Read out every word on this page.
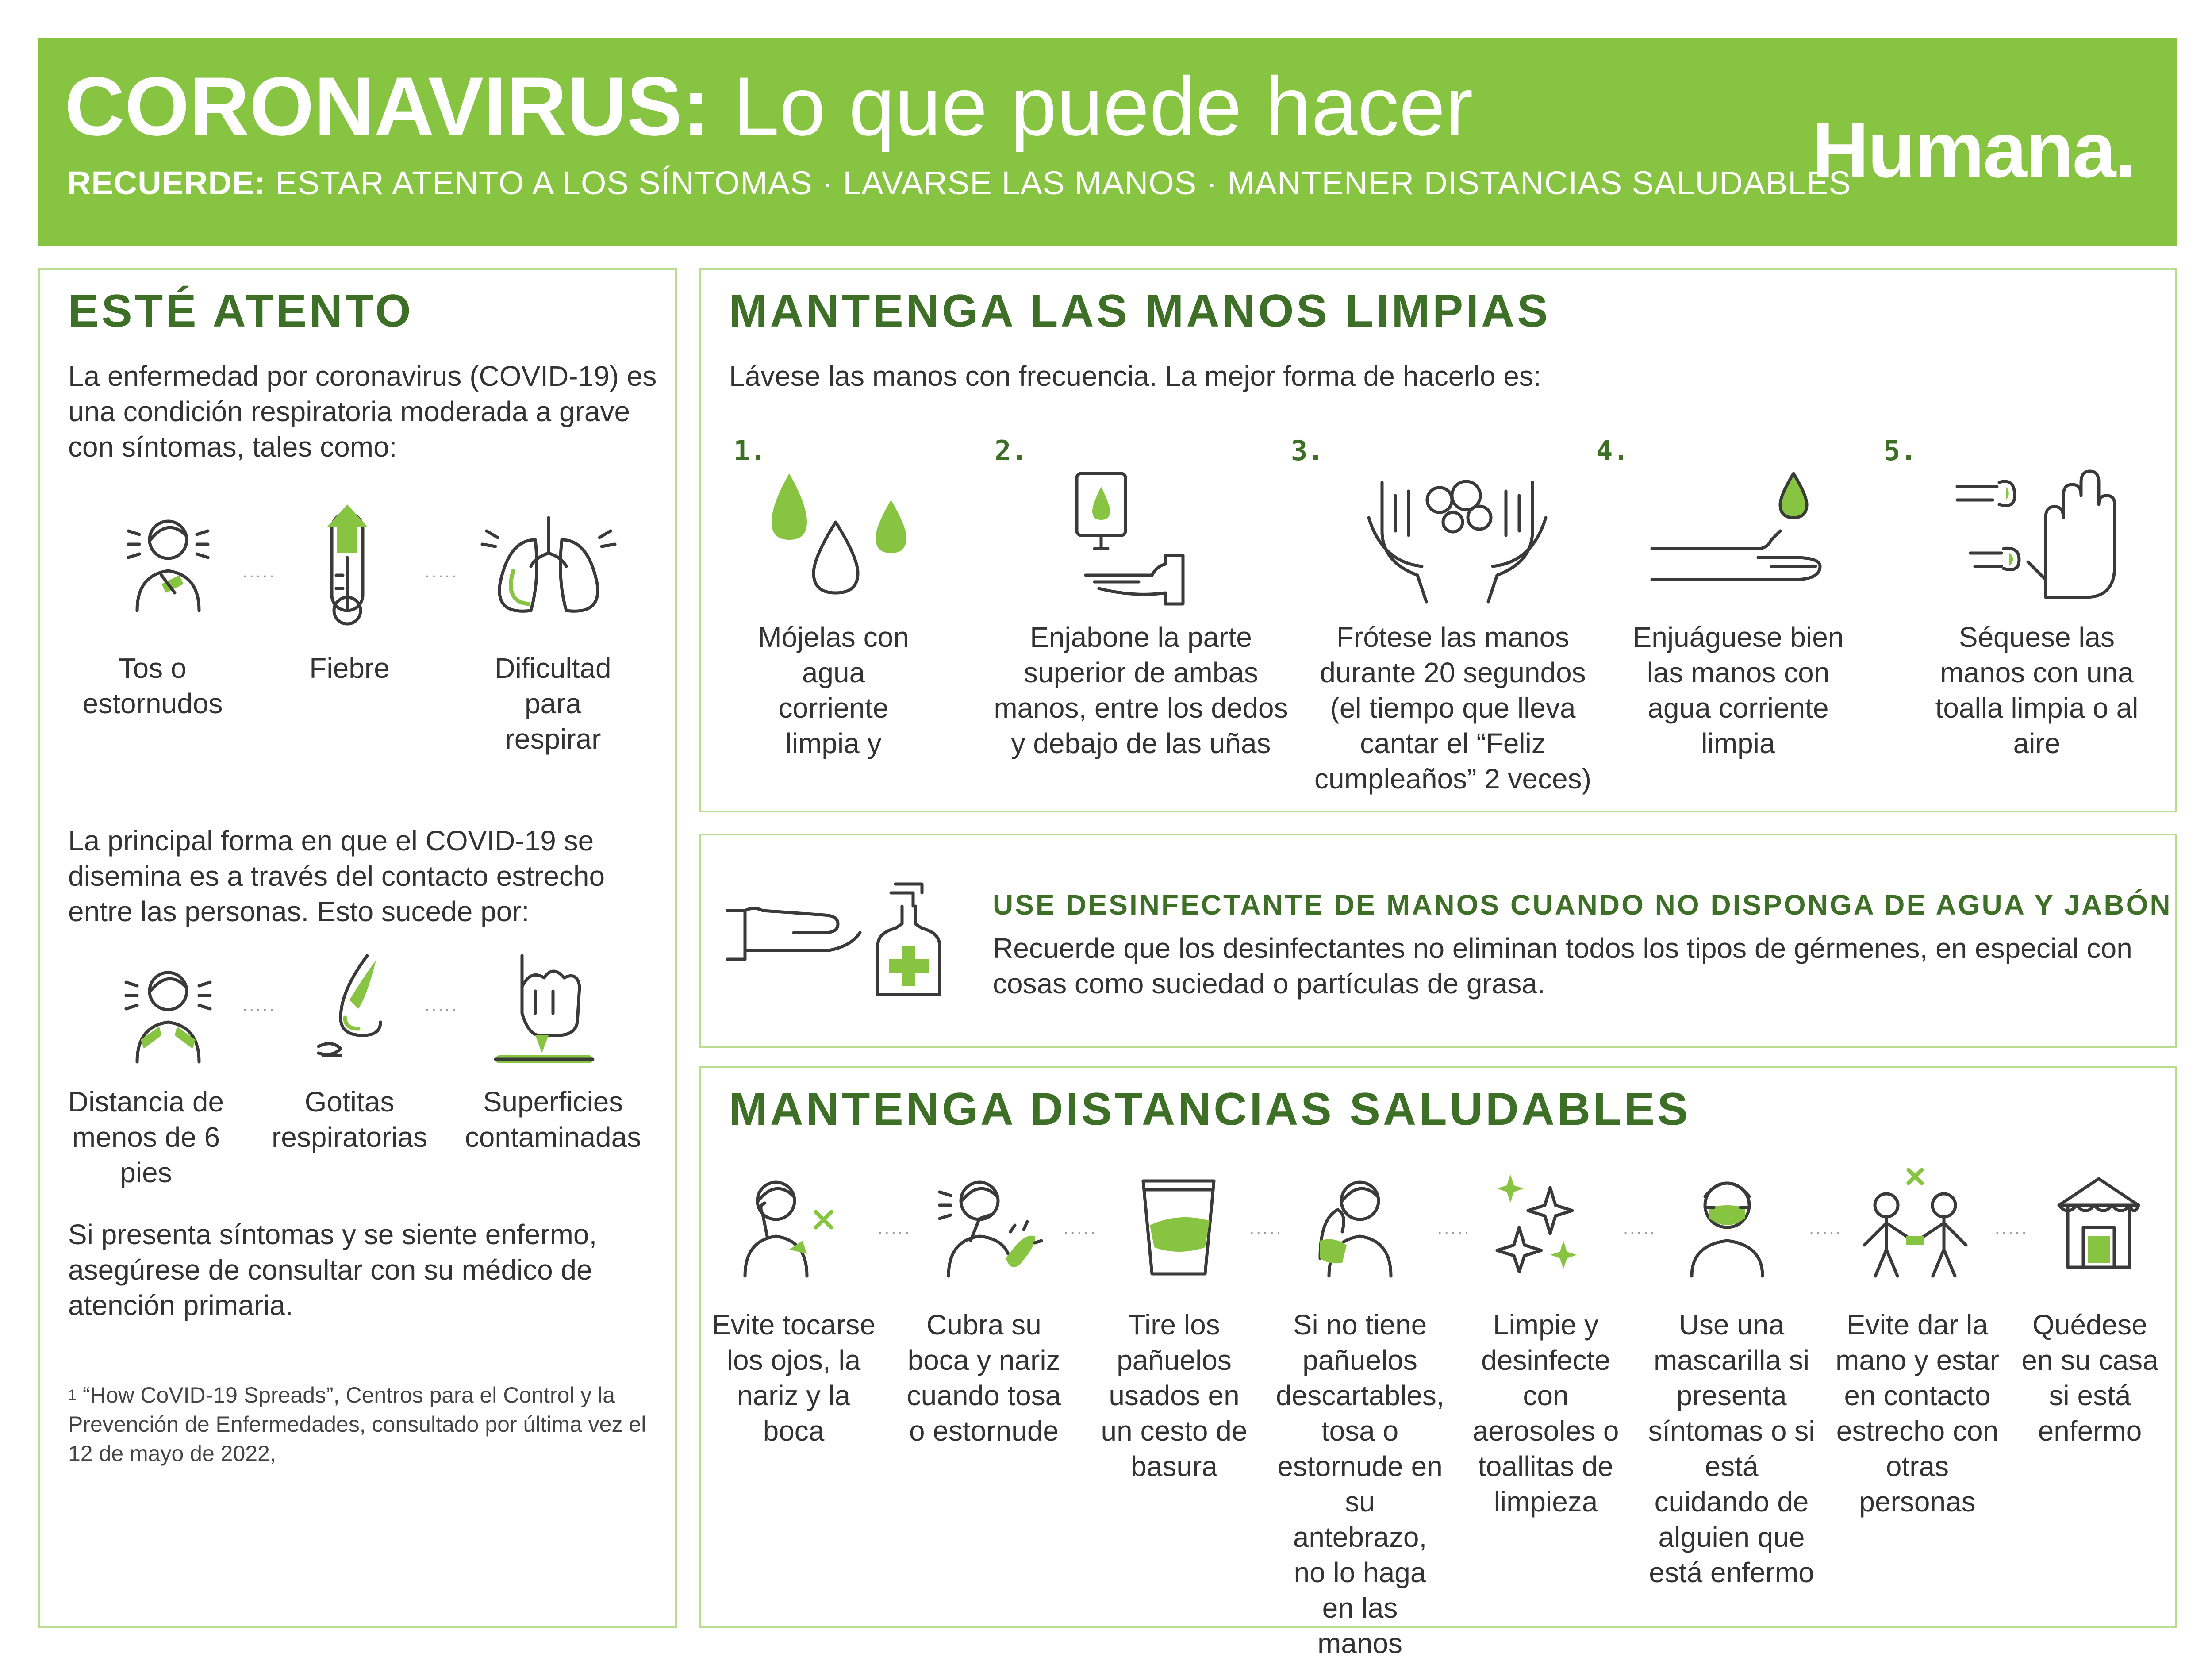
CORONAVIRUS: Lo que puede hacer
RECUERDE: ESTAR ATENTO A LOS SÍNTOMAS · LAVARSE LAS MANOS · MANTENER DISTANCIAS SALUDABLES
Humana.
ESTÉ ATENTO
La enfermedad por coronavirus (COVID-19) es una condición respiratoria moderada a grave con síntomas, tales como:
.....	.....
Tos o estornudos
Fiebre	Dificultad para respirar
La principal forma en que el COVID-19 se disemina es a través del contacto estrecho entre las personas. Esto sucede por:
.....	.....
Distancia de menos de 6 pies
Gotitas respiratorias
Superficies contaminadas
Si presenta síntomas y se siente enfermo, asegúrese de consultar con su médico de atención primaria.
$^1$ “How CoVID-19 Spreads”, Centros para el Control y la Prevención de Enfermedades, consultado por última vez el 12 de mayo de 2022,
MANTENGA LAS MANOS LIMPIAS
Lávese las manos con frecuencia. La mejor forma de hacerlo es:
1.	2.	3.	4.	5.
Mójelas con agua corriente limpia y
Enjabone la parte superior de ambas manos, entre los dedos y debajo de las uñas
Frótese las manos durante 20 segundos (el tiempo que lleva cantar el “Feliz cumpleaños” 2 veces)
Enjuáguese bien las manos con agua corriente limpia
Séquese las manos con una toalla limpia o al aire
USE DESINFECTANTE DE MANOS CUANDO NO DISPONGA DE AGUA Y JABÓN
Recuerde que los desinfectantes no eliminan todos los tipos de gérmenes, en especial con cosas como suciedad o partículas de grasa.
MANTENGA DISTANCIAS SALUDABLES
.....	.....	.....	.....	.....	.....	.....
Evite tocarse los ojos, la nariz y la boca
Cubra su boca y nariz cuando tosa o estornude
Tire los pañuelos usados en un cesto de basura
Si no tiene pañuelos descartables, tosa o estornude en su antebrazo, no lo haga en las manos
Limpie y desinfecte con aerosoles o toallitas de limpieza
Use una mascarilla si presenta síntomas o si está cuidando de alguien que está enfermo
Evite dar la mano y estar en contacto estrecho con otras personas
Quédese en su casa si está enfermo
